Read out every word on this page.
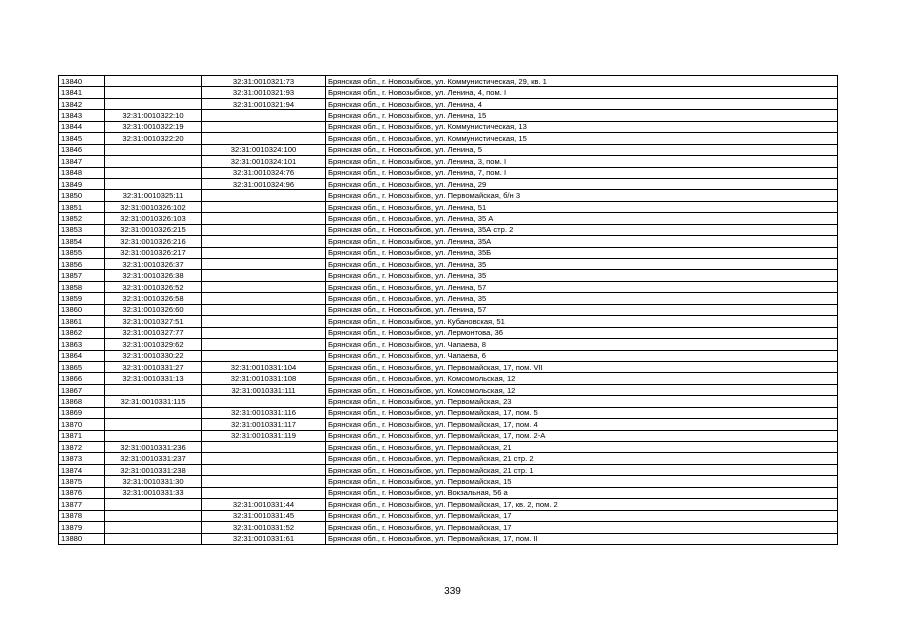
13840		32:31:0010321:73	Брянская обл., г. Новозыбков, ул. Коммунистическая, 29, кв. 1
13841		32:31:0010321:93	Брянская обл., г. Новозыбков, ул. Ленина, 4, пом. I
13842		32:31:0010321:94	Брянская обл., г. Новозыбков, ул. Ленина, 4
13843	32:31:0010322:10		Брянская обл., г. Новозыбков, ул. Ленина, 15
13844	32:31:0010322:19		Брянская обл., г. Новозыбков, ул. Коммунистическая, 13
13845	32:31:0010322:20		Брянская обл., г. Новозыбков, ул. Коммунистическая, 15
13846		32:31:0010324:100	Брянская обл., г. Новозыбков, ул. Ленина, 5
13847		32:31:0010324:101	Брянская обл., г. Новозыбков, ул. Ленина, 3, пом. I
13848		32:31:0010324:76	Брянская обл., г. Новозыбков, ул. Ленина, 7, пом. I
13849		32:31:0010324:96	Брянская обл., г. Новозыбков, ул. Ленина, 29
13850	32:31:0010325:11		Брянская обл., г. Новозыбков, ул. Первомайская, б/н 3
13851	32:31:0010326:102		Брянская обл., г. Новозыбков, ул. Ленина, 51
13852	32:31:0010326:103		Брянская обл., г. Новозыбков, ул. Ленина, 35 А
13853	32:31:0010326:215		Брянская обл., г. Новозыбков, ул. Ленина, 35А стр. 2
13854	32:31:0010326:216		Брянская обл., г. Новозыбков, ул. Ленина, 35А
13855	32:31:0010326:217		Брянская обл., г. Новозыбков, ул. Ленина, 35Б
13856	32:31:0010326:37		Брянская обл., г. Новозыбков, ул. Ленина, 35
13857	32:31:0010326:38		Брянская обл., г. Новозыбков, ул. Ленина, 35
13858	32:31:0010326:52		Брянская обл., г. Новозыбков, ул. Ленина, 57
13859	32:31:0010326:58		Брянская обл., г. Новозыбков, ул. Ленина, 35
13860	32:31:0010326:60		Брянская обл., г. Новозыбков, ул. Ленина, 57
13861	32:31:0010327:51		Брянская обл., г. Новозыбков, ул. Кубановская, 51
13862	32:31:0010327:77		Брянская обл., г. Новозыбков, ул. Лермонтова, 36
13863	32:31:0010329:62		Брянская обл., г. Новозыбков, ул. Чапаева, 8
13864	32:31:0010330:22		Брянская обл., г. Новозыбков, ул. Чапаева, 6
13865	32:31:0010331:27	32:31:0010331:104	Брянская обл., г. Новозыбков, ул. Первомайская, 17, пом. VII
13866	32:31:0010331:13	32:31:0010331:108	Брянская обл., г. Новозыбков, ул. Комсомольская, 12
13867		32:31:0010331:111	Брянская обл., г. Новозыбков, ул. Комсомольская, 12
13868	32:31:0010331:115		Брянская обл., г. Новозыбков, ул. Первомайская, 23
13869		32:31:0010331:116	Брянская обл., г. Новозыбков, ул. Первомайская, 17, пом. 5
13870		32:31:0010331:117	Брянская обл., г. Новозыбков, ул. Первомайская, 17, пом. 4
13871		32:31:0010331:119	Брянская обл., г. Новозыбков, ул. Первомайская, 17, пом. 2-А
13872	32:31:0010331:236		Брянская обл., г. Новозыбков, ул. Первомайская, 21
13873	32:31:0010331:237		Брянская обл., г. Новозыбков, ул. Первомайская, 21 стр. 2
13874	32:31:0010331:238		Брянская обл., г. Новозыбков, ул. Первомайская, 21 стр. 1
13875	32:31:0010331:30		Брянская обл., г. Новозыбков, ул. Первомайская, 15
13876	32:31:0010331:33		Брянская обл., г. Новозыбков, ул. Вокзальная, 56 а
13877		32:31:0010331:44	Брянская обл., г. Новозыбков, ул. Первомайская, 17, кв. 2, пом. 2
13878		32:31:0010331:45	Брянская обл., г. Новозыбков, ул. Первомайская, 17
13879		32:31:0010331:52	Брянская обл., г. Новозыбков, ул. Первомайская, 17
13880		32:31:0010331:61	Брянская обл., г. Новозыбков, ул. Первомайская, 17, пом. II
339
